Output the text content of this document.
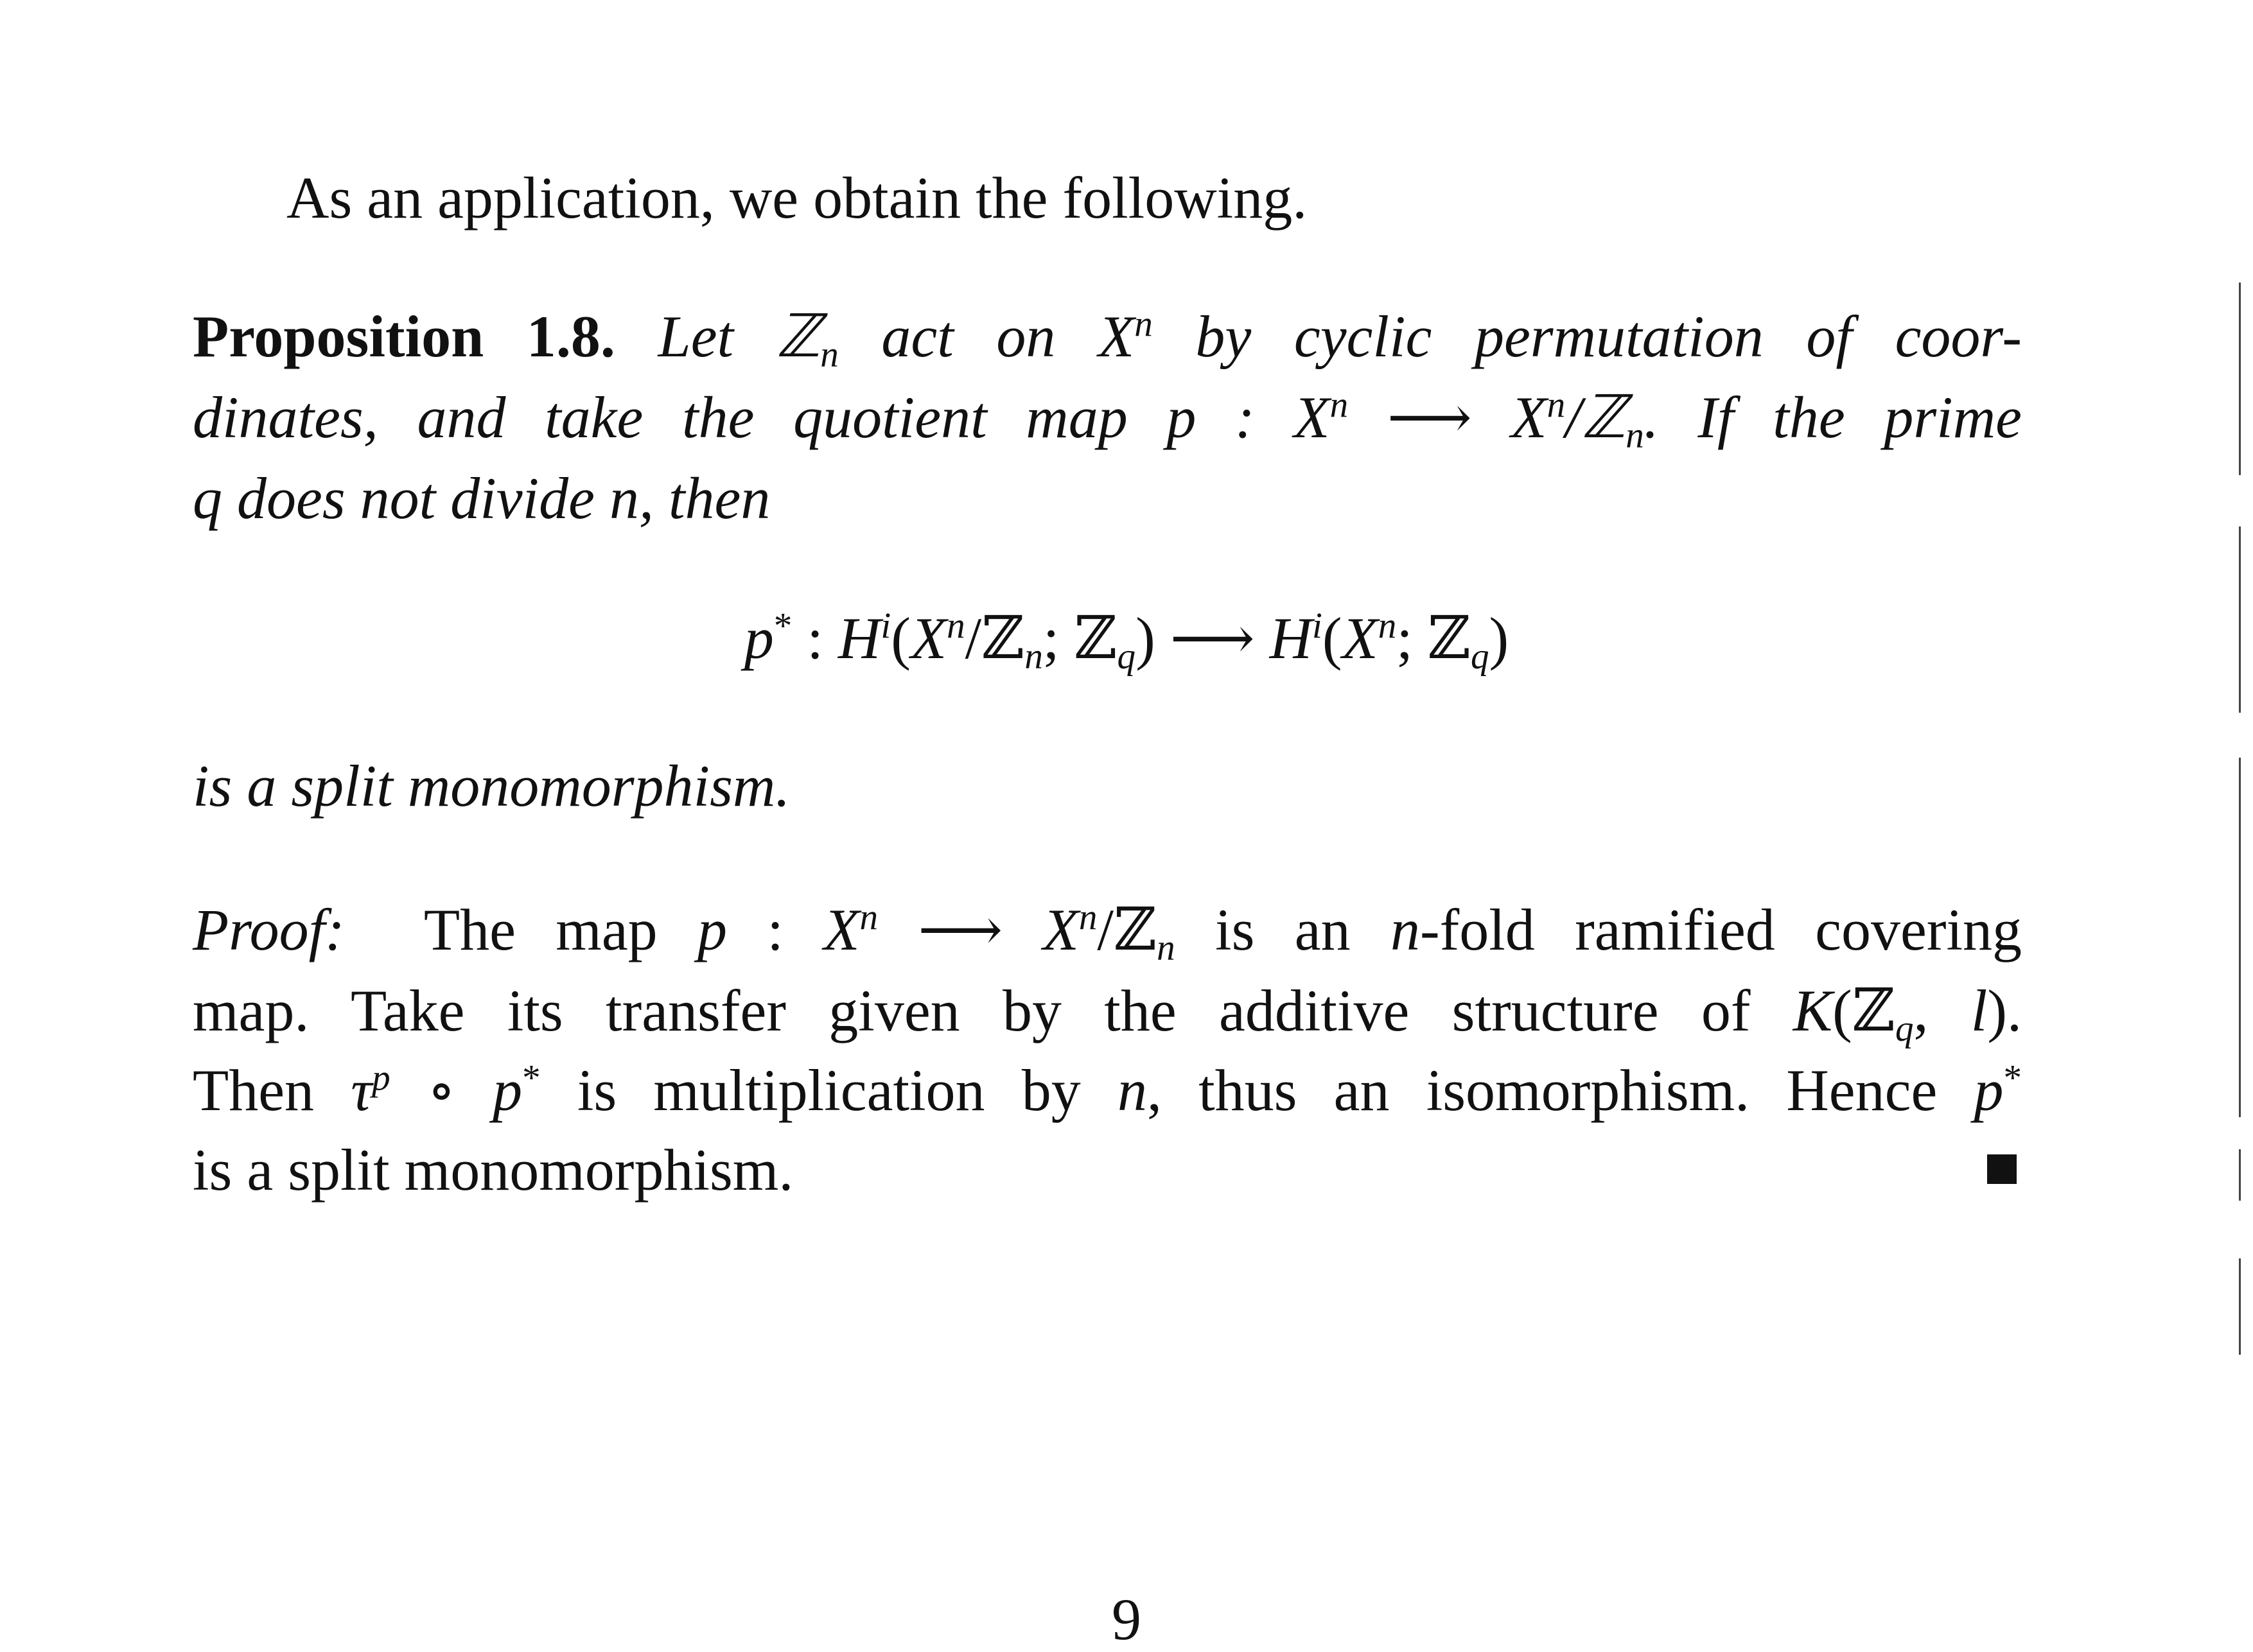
As an application, we obtain the following.
Proposition 1.8. Let ℤ$_n$ act on $X^n$ by cyclic permutation of coor-
dinates, and take the quotient map p : $X^n$ ⟶ $X^n/ℤ_n$. If the prime
q does not divide n, then
p* : $H^i(X^n/ℤ_n$; ℤ$_q$) ⟶ $H^i(X^n$; ℤ$_q$)
is a split monomorphism.
Proof:  The map p : $X^n$ ⟶ $X^n/ℤ_n$ is an n-fold ramified covering
map. Take its transfer given by the additive structure of K(ℤ$_q$, l).
Then $\tau^p$ ∘ p* is multiplication by n, thus an isomorphism. Hence p*
is a split monomorphism.
9
